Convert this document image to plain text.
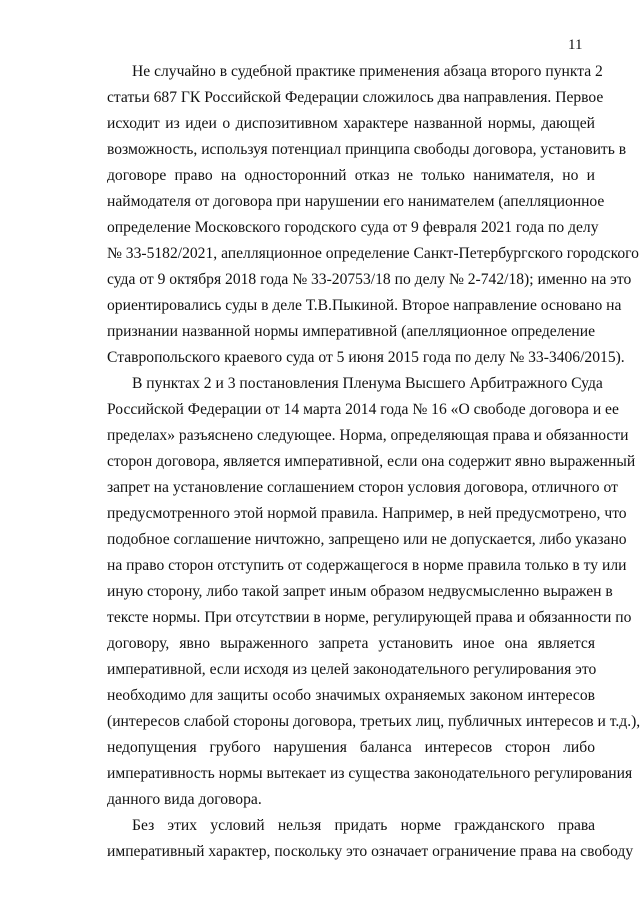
11
Не случайно в судебной практике применения абзаца второго пункта 2
статьи 687 ГК Российской Федерации сложилось два направления. Первое
исходит из идеи о диспозитивном характере названной нормы, дающей
возможность, используя потенциал принципа свободы договора, установить в
договоре право на односторонний отказ не только нанимателя, но и
наймодателя от договора при нарушении его нанимателем (апелляционное
определение Московского городского суда от 9 февраля 2021 года по делу
№ 33-5182/2021, апелляционное определение Санкт-Петербургского городского
суда от 9 октября 2018 года № 33-20753/18 по делу № 2-742/18); именно на это
ориентировались суды в деле Т.В.Пыкиной. Второе направление основано на
признании названной нормы императивной (апелляционное определение
Ставропольского краевого суда от 5 июня 2015 года по делу № 33-3406/2015).
В пунктах 2 и 3 постановления Пленума Высшего Арбитражного Суда
Российской Федерации от 14 марта 2014 года № 16 «О свободе договора и ее
пределах» разъяснено следующее. Норма, определяющая права и обязанности
сторон договора, является императивной, если она содержит явно выраженный
запрет на установление соглашением сторон условия договора, отличного от
предусмотренного этой нормой правила. Например, в ней предусмотрено, что
подобное соглашение ничтожно, запрещено или не допускается, либо указано
на право сторон отступить от содержащегося в норме правила только в ту или
иную сторону, либо такой запрет иным образом недвусмысленно выражен в
тексте нормы. При отсутствии в норме, регулирующей права и обязанности по
договору, явно выраженного запрета установить иное она является
императивной, если исходя из целей законодательного регулирования это
необходимо для защиты особо значимых охраняемых законом интересов
(интересов слабой стороны договора, третьих лиц, публичных интересов и т.д.),
недопущения грубого нарушения баланса интересов сторон либо
императивность нормы вытекает из существа законодательного регулирования
данного вида договора.
Без этих условий нельзя придать норме гражданского права
императивный характер, поскольку это означает ограничение права на свободу
